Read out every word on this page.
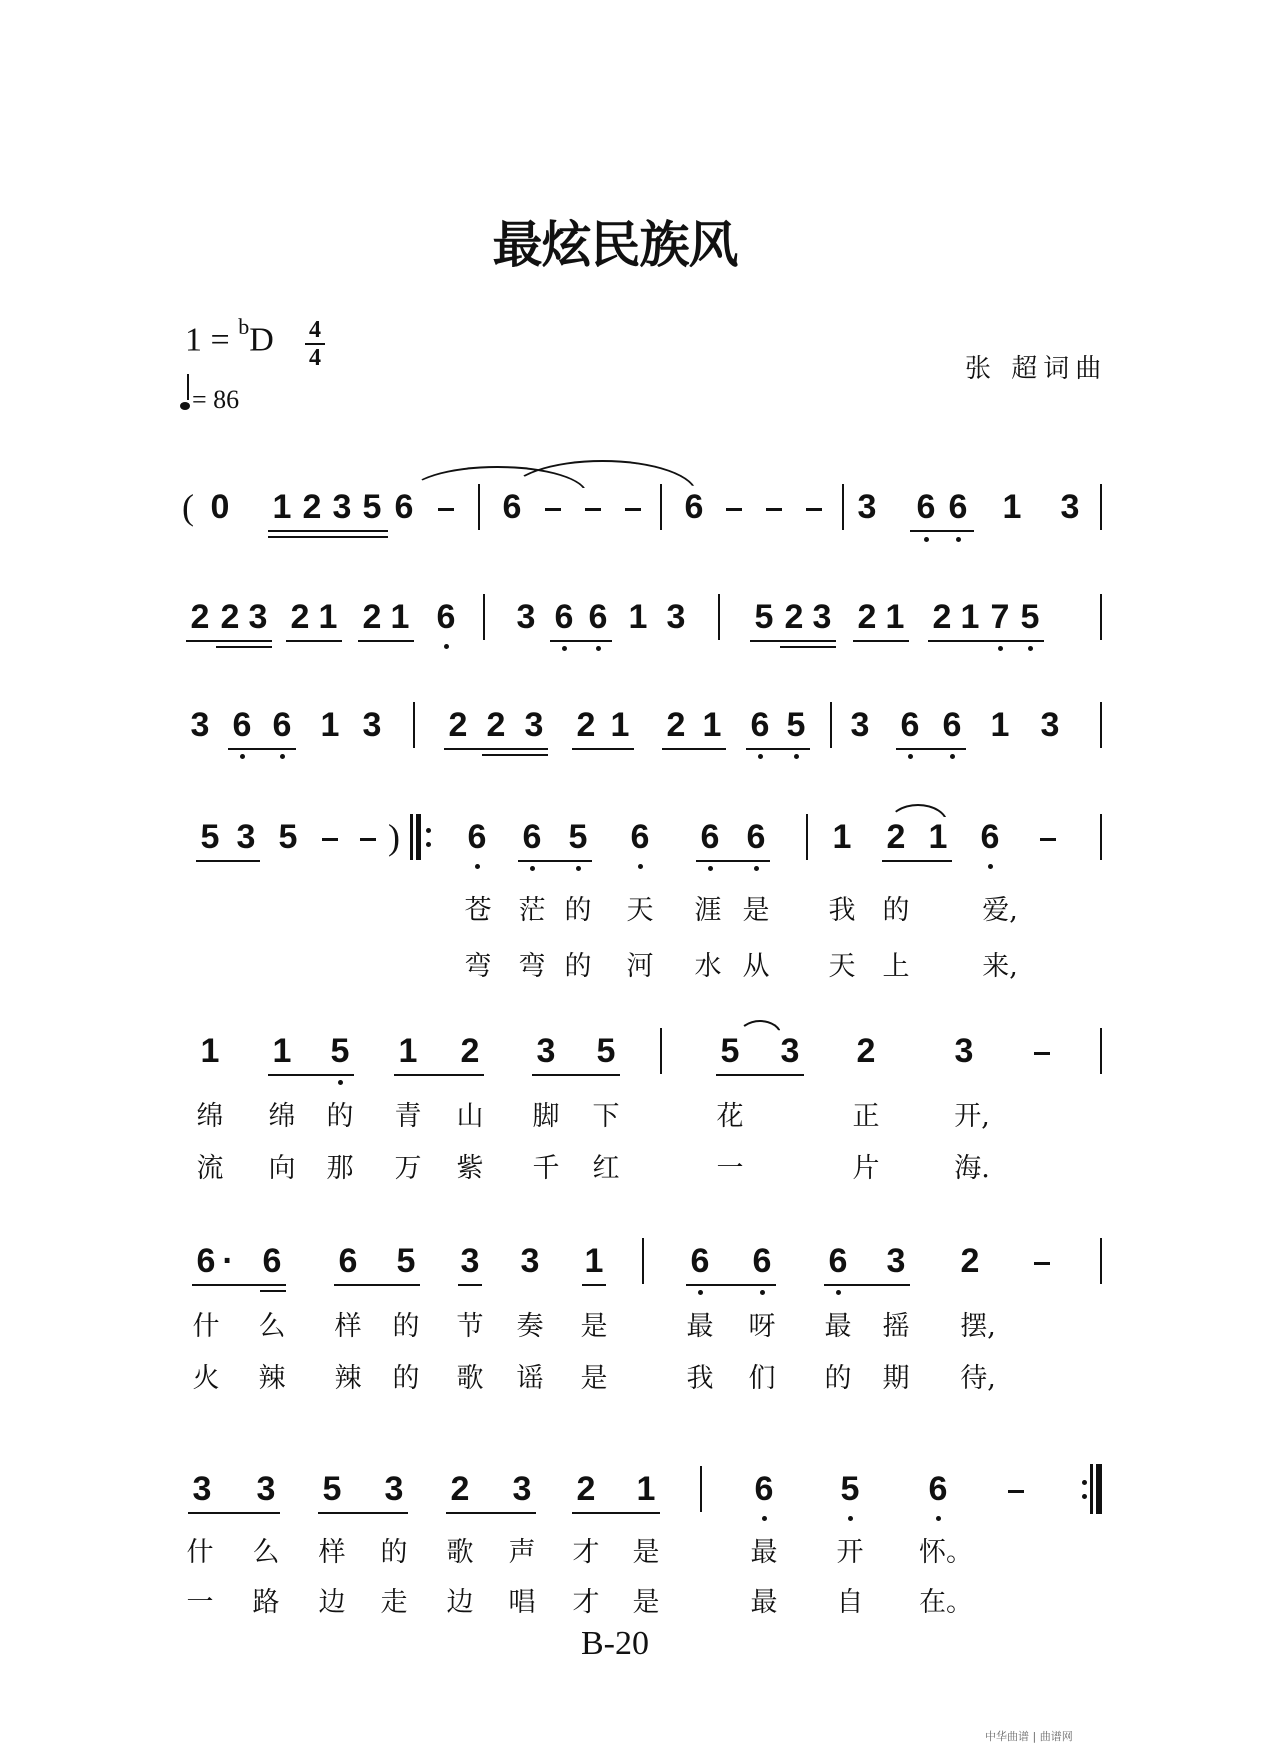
最炫民族风
1 = $^b$D 4
4
= 86
张 超词曲
( 0 1 2 3 5 6	6	6	3 6 6 1 3
2 2 3 2 1 2 1 6 3 6 6 1 3 5 2 3 2 1 2 1 7 5
3 6 6 1 3 2 2 3 2 1 2 1 6 5 3 6 6 1 3
5 3 5	) 6 6 5 6 6 6 1 2 1 6
苍 茫 的 天 涯 是 我 的	爱,
弯 弯 的 河 水 从 天 上	来,
1 1 5 1 2 3 5	5 3 2 3
绵 绵 的 青 山 脚 下	花	正	开,
流 向 那 万 紫 千 红	一	片	海.
6 · 6 6 5 3 3 1	6 6 6 3 2
什 么 样 的 节 奏 是	最 呀 最 摇 摆,
火 辣 辣 的 歌 谣 是	我 们 的 期 待,
3 3 5 3 2 3 2 1	6 5 6
什 么 样 的 歌 声 才 是	最 开 怀。
一 路 边 走 边 唱 才 是	最 自 在。
B-20
中华曲谱 | 曲谱网
